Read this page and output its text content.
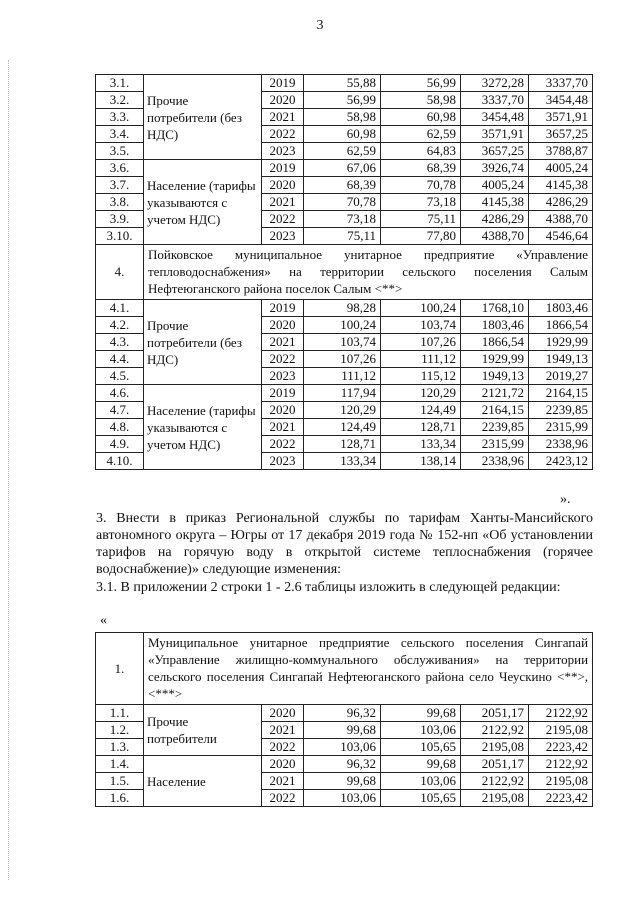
3
3.1.	Прочие потребители (без НДС)	2019	55,88	56,99	3272,28	3337,70
3.2.		2020	56,99	58,98	3337,70	3454,48
3.3.		2021	58,98	60,98	3454,48	3571,91
3.4.		2022	60,98	62,59	3571,91	3657,25
3.5.		2023	62,59	64,83	3657,25	3788,87
3.6.	Население (тарифы указываются с учетом НДС)	2019	67,06	68,39	3926,74	4005,24
3.7.		2020	68,39	70,78	4005,24	4145,38
3.8.		2021	70,78	73,18	4145,38	4286,29
3.9.		2022	73,18	75,11	4286,29	4388,70
3.10.		2023	75,11	77,80	4388,70	4546,64
4.	Пойковское муниципальное унитарное предприятие «Управление тепловодоснабжения» на территории сельского поселения Салым Нефтеюганского района поселок Салым <**>					
4.1.	Прочие потребители (без НДС)	2019	98,28	100,24	1768,10	1803,46
4.2.		2020	100,24	103,74	1803,46	1866,54
4.3.		2021	103,74	107,26	1866,54	1929,99
4.4.		2022	107,26	111,12	1929,99	1949,13
4.5.		2023	111,12	115,12	1949,13	2019,27
4.6.	Население (тарифы указываются с учетом НДС)	2019	117,94	120,29	2121,72	2164,15
4.7.		2020	120,29	124,49	2164,15	2239,85
4.8.		2021	124,49	128,71	2239,85	2315,99
4.9.		2022	128,71	133,34	2315,99	2338,96
4.10.		2023	133,34	138,14	2338,96	2423,12
».
3. Внести в приказ Региональной службы по тарифам Ханты-Мансийского автономного округа – Югры от 17 декабря 2019 года № 152-нп «Об установлении тарифов на горячую воду в открытой системе теплоснабжения (горячее водоснабжение)» следующие изменения:
3.1. В приложении 2 строки 1 - 2.6 таблицы изложить в следующей редакции:
«
1.	Муниципальное унитарное предприятие сельского поселения Сингапай «Управление жилищно-коммунального обслуживания» на территории сельского поселения Сингапай Нефтеюганского района село Чеускино <**>, <***>					
1.1.	Прочие потребители	2020	96,32	99,68	2051,17	2122,92
1.2.		2021	99,68	103,06	2122,92	2195,08
1.3.		2022	103,06	105,65	2195,08	2223,42
1.4.	Население	2020	96,32	99,68	2051,17	2122,92
1.5.		2021	99,68	103,06	2122,92	2195,08
1.6.		2022	103,06	105,65	2195,08	2223,42
